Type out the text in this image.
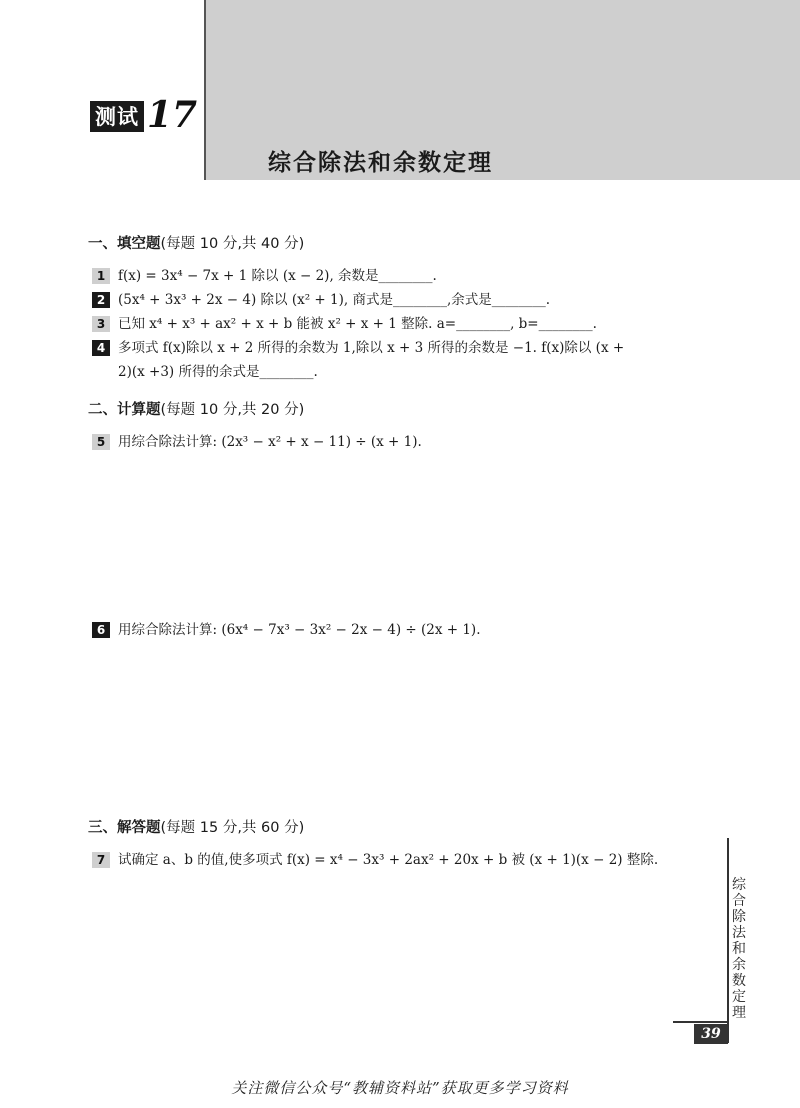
测试 17
综合除法和余数定理
一、填空题(每题 10 分,共 40 分)
1 f(x) = 3x⁴ − 7x + 1 除以 (x − 2), 余数是________.
2 (5x⁴ + 3x³ + 2x − 4) 除以 (x² + 1), 商式是________,余式是________.
3 已知 x⁴ + x³ + ax² + x + b 能被 x² + x + 1 整除. a=________, b=________.
4 多项式 f(x)除以 x + 2 所得的余数为 1,除以 x + 3 所得的余数是 −1. f(x)除以 (x +
2)(x +3) 所得的余式是________.
二、计算题(每题 10 分,共 20 分)
5 用综合除法计算: (2x³ − x² + x − 11) ÷ (x + 1).
6 用综合除法计算: (6x⁴ − 7x³ − 3x² − 2x − 4) ÷ (2x + 1).
三、解答题(每题 15 分,共 60 分)
7 试确定 a、b 的值,使多项式 f(x) = x⁴ − 3x³ + 2ax² + 20x + b 被 (x + 1)(x − 2) 整除.
综合除法和余数定理
39
关注微信公众号“教辅资料站”获取更多学习资料
